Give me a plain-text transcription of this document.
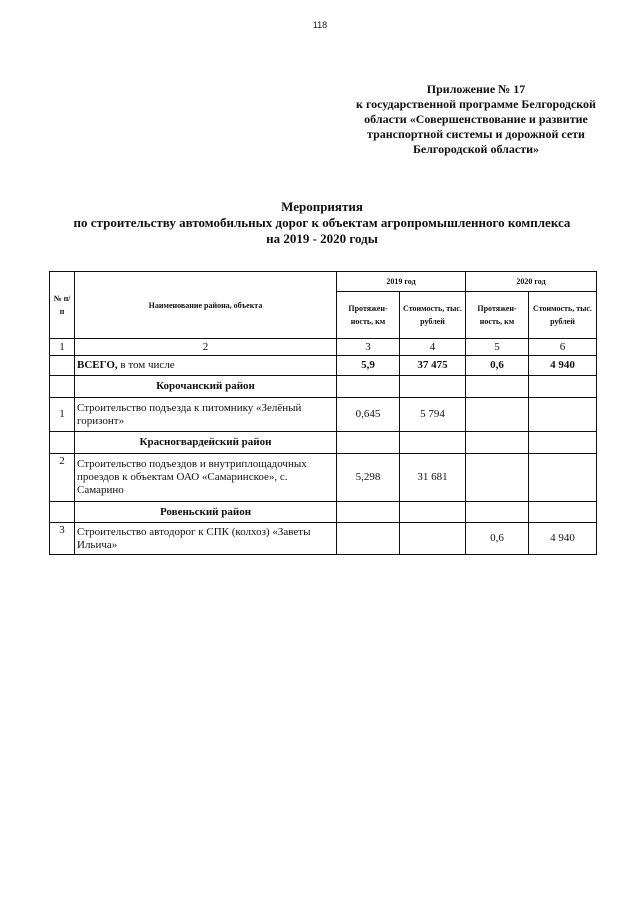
118
Приложение № 17
к государственной программе Белгородской
области «Совершенствование и развитие
транспортной системы и дорожной сети
Белгородской области»
Мероприятия
по строительству автомобильных дорог к объектам агропромышленного комплекса
на 2019 - 2020 годы
№ п/п	Наименование района, объекта	2019 год		2020 год	
		Протяжен- ность, км	Стоимость, тыс. рублей	Протяжен- ность, км	Стоимость, тыс. рублей
1	2	3	4	5	6
	ВСЕГО, в том числе	5,9	37 475	0,6	4 940
	Корочанский район				
1	Строительство подъезда к питомнику «Зелёный горизонт»	0,645	5 794		
	Красногвардейский район				
2	Строительство подъездов и внутриплощадочных проездов к объектам ОАО «Самаринское», с. Самарино	5,298	31 681		
	Ровеньский район				
3	Строительство автодорог к СПК (колхоз) «Заветы Ильича»			0,6	4 940
